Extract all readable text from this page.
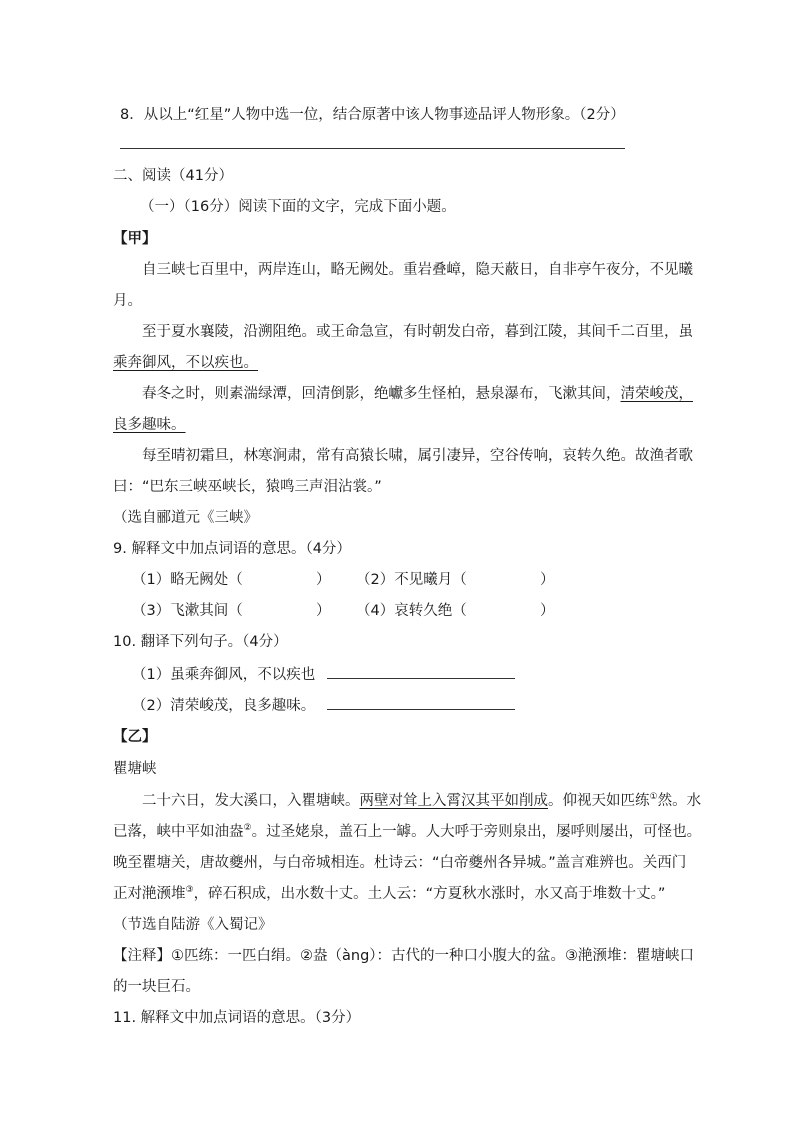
8．从以上“红星”人物中选一位，结合原著中该人物事迹品评人物形象。（2分）
二、阅读（41分）
（一）（16分）阅读下面的文字，完成下面小题。
【甲】
自三峡七百里中，两岸连山，略无阙处。重岩叠嶂，隐天蔽日，自非亭午夜分，不见曦
月。
至于夏水襄陵，沿溯阻绝。或王命急宣，有时朝发白帝，暮到江陵，其间千二百里，虽
乘奔御风，不以疾也。
春冬之时，则素湍绿潭，回清倒影，绝巘多生怪柏，悬泉瀑布，飞漱其间，清荣峻茂，
良多趣味。
每至晴初霜旦，林寒涧肃，常有高猿长啸，属引凄异，空谷传响，哀转久绝。故渔者歌
曰：“巴东三峡巫峡长，猿鸣三声泪沾裳。”
（选自郦道元《三峡》
9. 解释文中加点词语的意思。（4分）
（1）略无阙处（	） （2）不见曦月（	）
（3）飞漱其间（	） （4）哀转久绝（	）
10. 翻译下列句子。（4分）
（1）虽乘奔御风，不以疾也
（2）清荣峻茂，良多趣味。
【乙】
瞿塘峡
二十六日，发大溪口，入瞿塘峡。两壁对耸上入霄汉其平如削成。仰视天如匹练①然。水
已落，峡中平如油盎②。过圣姥泉，盖石上一罅。人大呼于旁则泉出，屡呼则屡出，可怪也。
晚至瞿塘关，唐故夔州，与白帝城相连。杜诗云：“白帝夔州各异城。”盖言难辨也。关西门
正对滟滪堆③，碎石积成，出水数十丈。土人云：“方夏秋水涨时，水又高于堆数十丈。”
（节选自陆游《入蜀记》
【注释】①匹练：一匹白绢。②盎（àng）：古代的一种口小腹大的盆。③滟滪堆：瞿塘峡口
的一块巨石。
11. 解释文中加点词语的意思。（3分）
